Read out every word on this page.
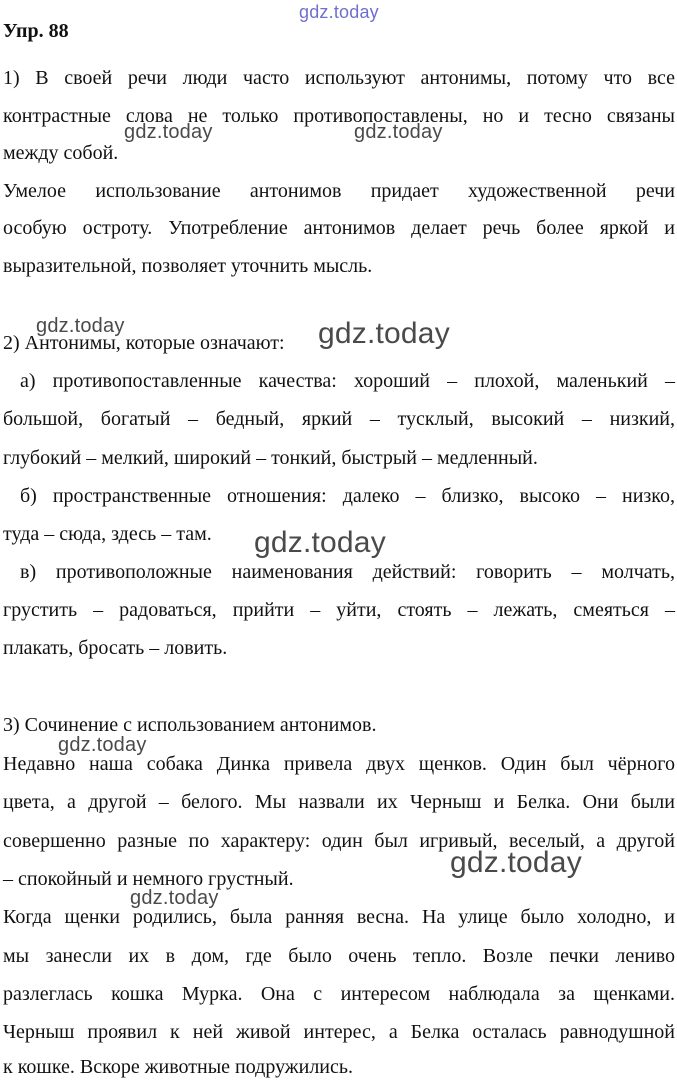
Упр. 88
1) В своей речи люди часто используют антонимы, потому что все
контрастные слова не только противопоставлены, но и тесно связаны
между собой.
Умелое использование антонимов придает художественной речи
особую остроту. Употребление антонимов делает речь более яркой и
выразительной, позволяет уточнить мысль.
2) Антонимы, которые означают:
а) противопоставленные качества: хороший – плохой, маленький –
большой, богатый – бедный, яркий – тусклый, высокий – низкий,
глубокий – мелкий, широкий – тонкий, быстрый – медленный.
б) пространственные отношения: далеко – близко, высоко – низко,
туда – сюда, здесь – там.
в) противоположные наименования действий: говорить – молчать,
грустить – радоваться, прийти – уйти, стоять – лежать, смеяться –
плакать, бросать – ловить.
3) Сочинение с использованием антонимов.
Недавно наша собака Динка привела двух щенков. Один был чёрного
цвета, а другой – белого. Мы назвали их Черныш и Белка. Они были
совершенно разные по характеру: один был игривый, веселый, а другой
– спокойный и немного грустный.
Когда щенки родились, была ранняя весна. На улице было холодно, и
мы занесли их в дом, где было очень тепло. Возле печки лениво
разлеглась кошка Мурка. Она с интересом наблюдала за щенками.
Черныш проявил к ней живой интерес, а Белка осталась равнодушной
к кошке. Вскоре животные подружились.
gdz.today
gdz.today	gdz.today
gdz.today	gdz.today
gdz.today
gdz.today
gdz.today
gdz.today
